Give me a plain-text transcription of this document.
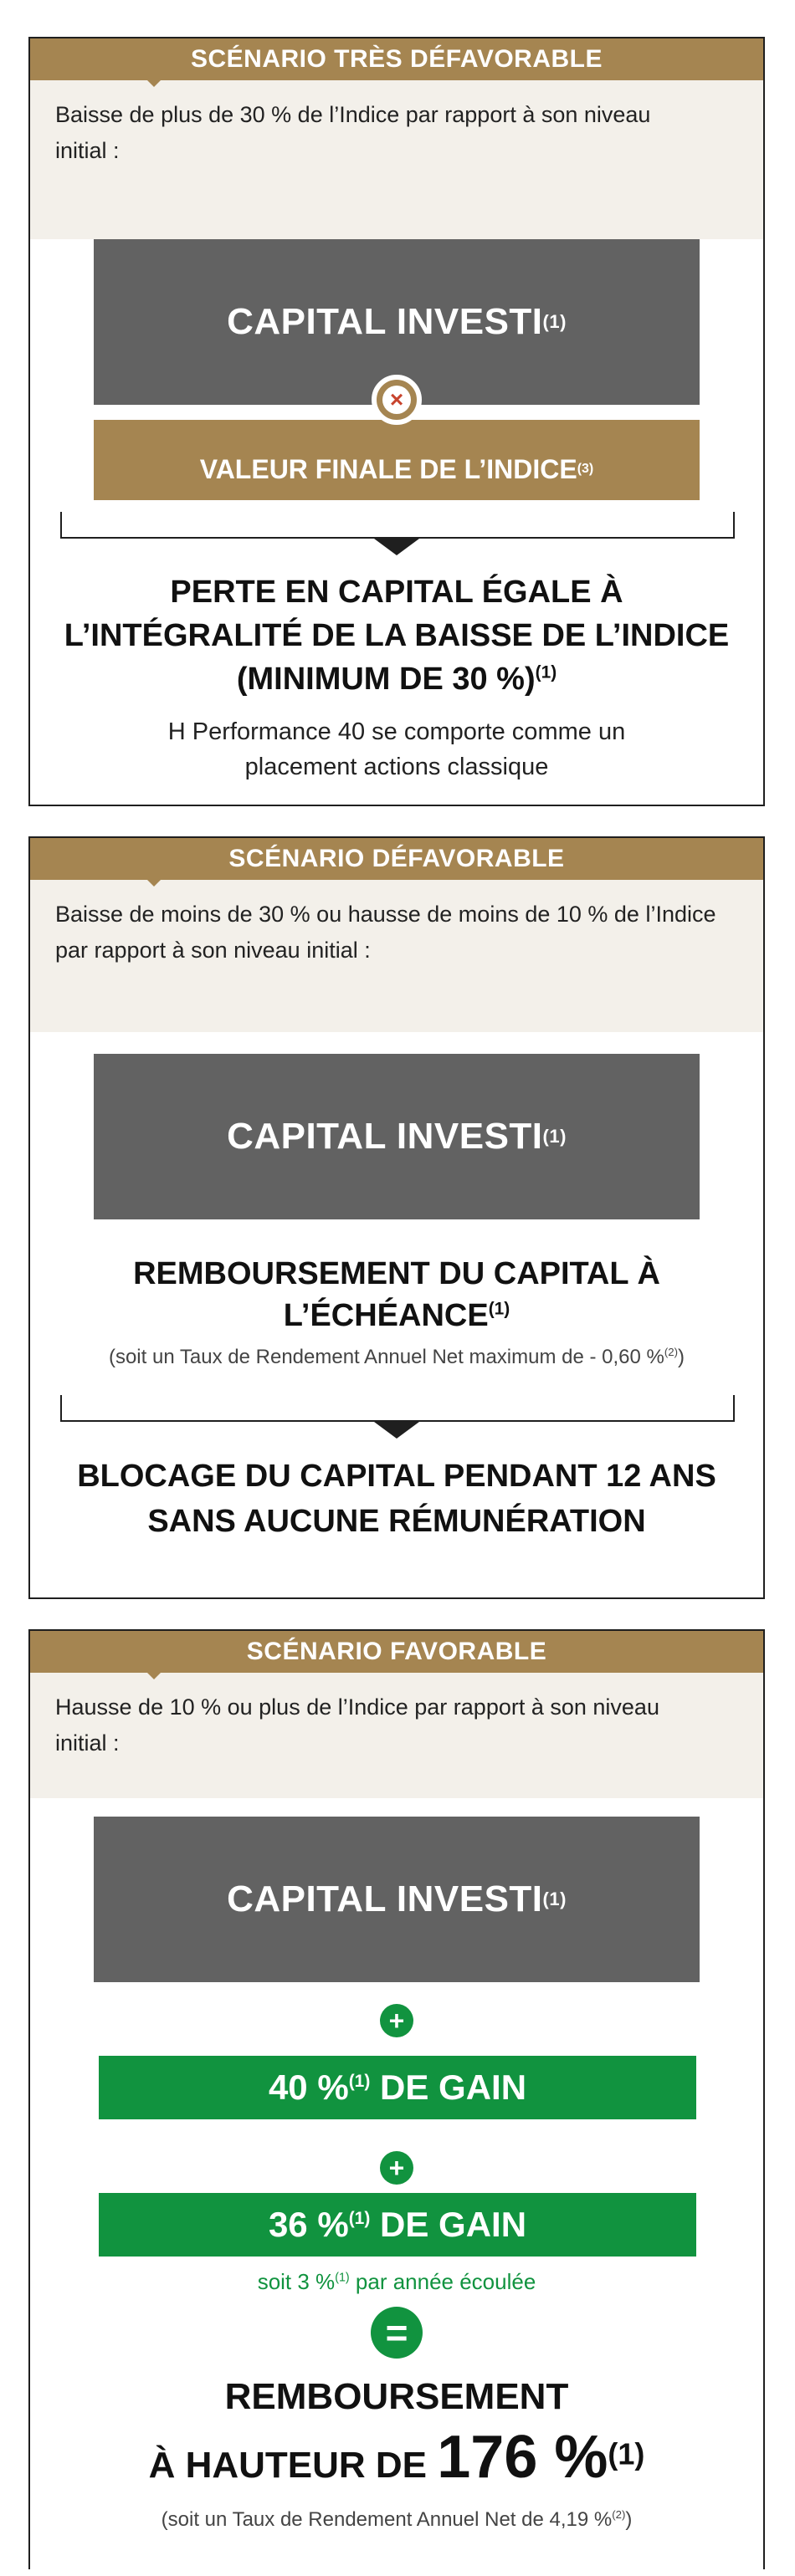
SCÉNARIO TRÈS DÉFAVORABLE
Baisse de plus de 30 % de l’Indice par rapport à son niveau
initial :
CAPITAL INVESTI (1)
VALEUR FINALE DE L’INDICE (3)
×
PERTE EN CAPITAL ÉGALE À
L’INTÉGRALITÉ DE LA BAISSE DE L’INDICE
(MINIMUM DE 30 %)$^{(1)}$
H Performance 40 se comporte comme un
placement actions classique
SCÉNARIO DÉFAVORABLE
Baisse de moins de 30 % ou hausse de moins de 10 % de l’Indice
par rapport à son niveau initial :
CAPITAL INVESTI (1)
REMBOURSEMENT DU CAPITAL À
L’ÉCHÉANCE$^{(1)}$
(soit un Taux de Rendement Annuel Net maximum de - 0,60 %$^{(2)}$)
BLOCAGE DU CAPITAL PENDANT 12 ANS
SANS AUCUNE RÉMUNÉRATION
SCÉNARIO FAVORABLE
Hausse de 10 % ou plus de l’Indice par rapport à son niveau
initial :
CAPITAL INVESTI (1)
+
40 %$^{(1)}$ DE GAIN
+
36 %$^{(1)}$ DE GAIN
soit 3 %$^{(1)}$ par année écoulée
=
REMBOURSEMENT
À HAUTEUR DE 176 %$^{(1)}$
(soit un Taux de Rendement Annuel Net de 4,19 %$^{(2)}$)
